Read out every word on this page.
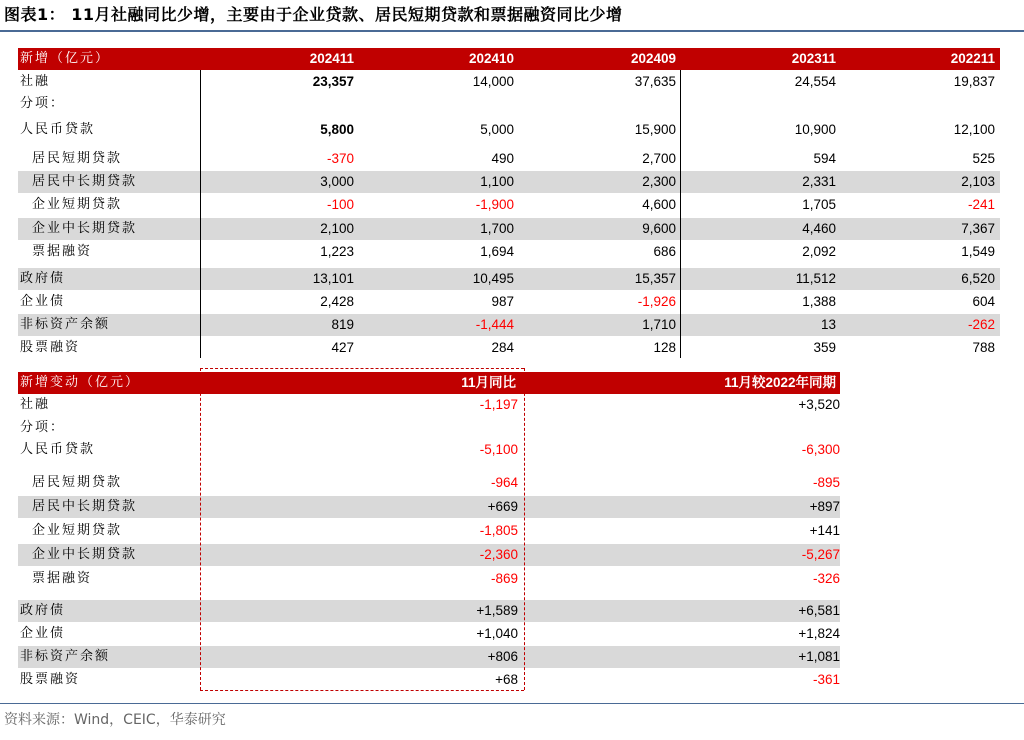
图表1： 11月社融同比少增，主要由于企业贷款、居民短期贷款和票据融资同比少增
新增（亿元）	202411	202410	202409	202311	202211
社融	23,357	14,000	37,635	24,554	19,837
分项：
人民币贷款	5,800	5,000	15,900	10,900	12,100
居民短期贷款	-370	490	2,700	594	525
居民中长期贷款	3,000	1,100	2,300	2,331	2,103
企业短期贷款	-100	-1,900	4,600	1,705	-241
企业中长期贷款	2,100	1,700	9,600	4,460	7,367
票据融资	1,223	1,694	686	2,092	1,549
政府债	13,101	10,495	15,357	11,512	6,520
企业债	2,428	987	-1,926	1,388	604
非标资产余额	819	-1,444	1,710	13	-262
股票融资	427	284	128	359	788
新增变动（亿元）	11月同比	11月较2022年同期
社融	-1,197	+3,520
分项：
人民币贷款	-5,100	-6,300
居民短期贷款	-964	-895
居民中长期贷款	+669	+897
企业短期贷款	-1,805	+141
企业中长期贷款	-2,360	-5,267
票据融资	-869	-326
政府债	+1,589	+6,581
企业债	+1,040	+1,824
非标资产余额	+806	+1,081
股票融资	+68	-361
资料来源：Wind，CEIC，华泰研究
